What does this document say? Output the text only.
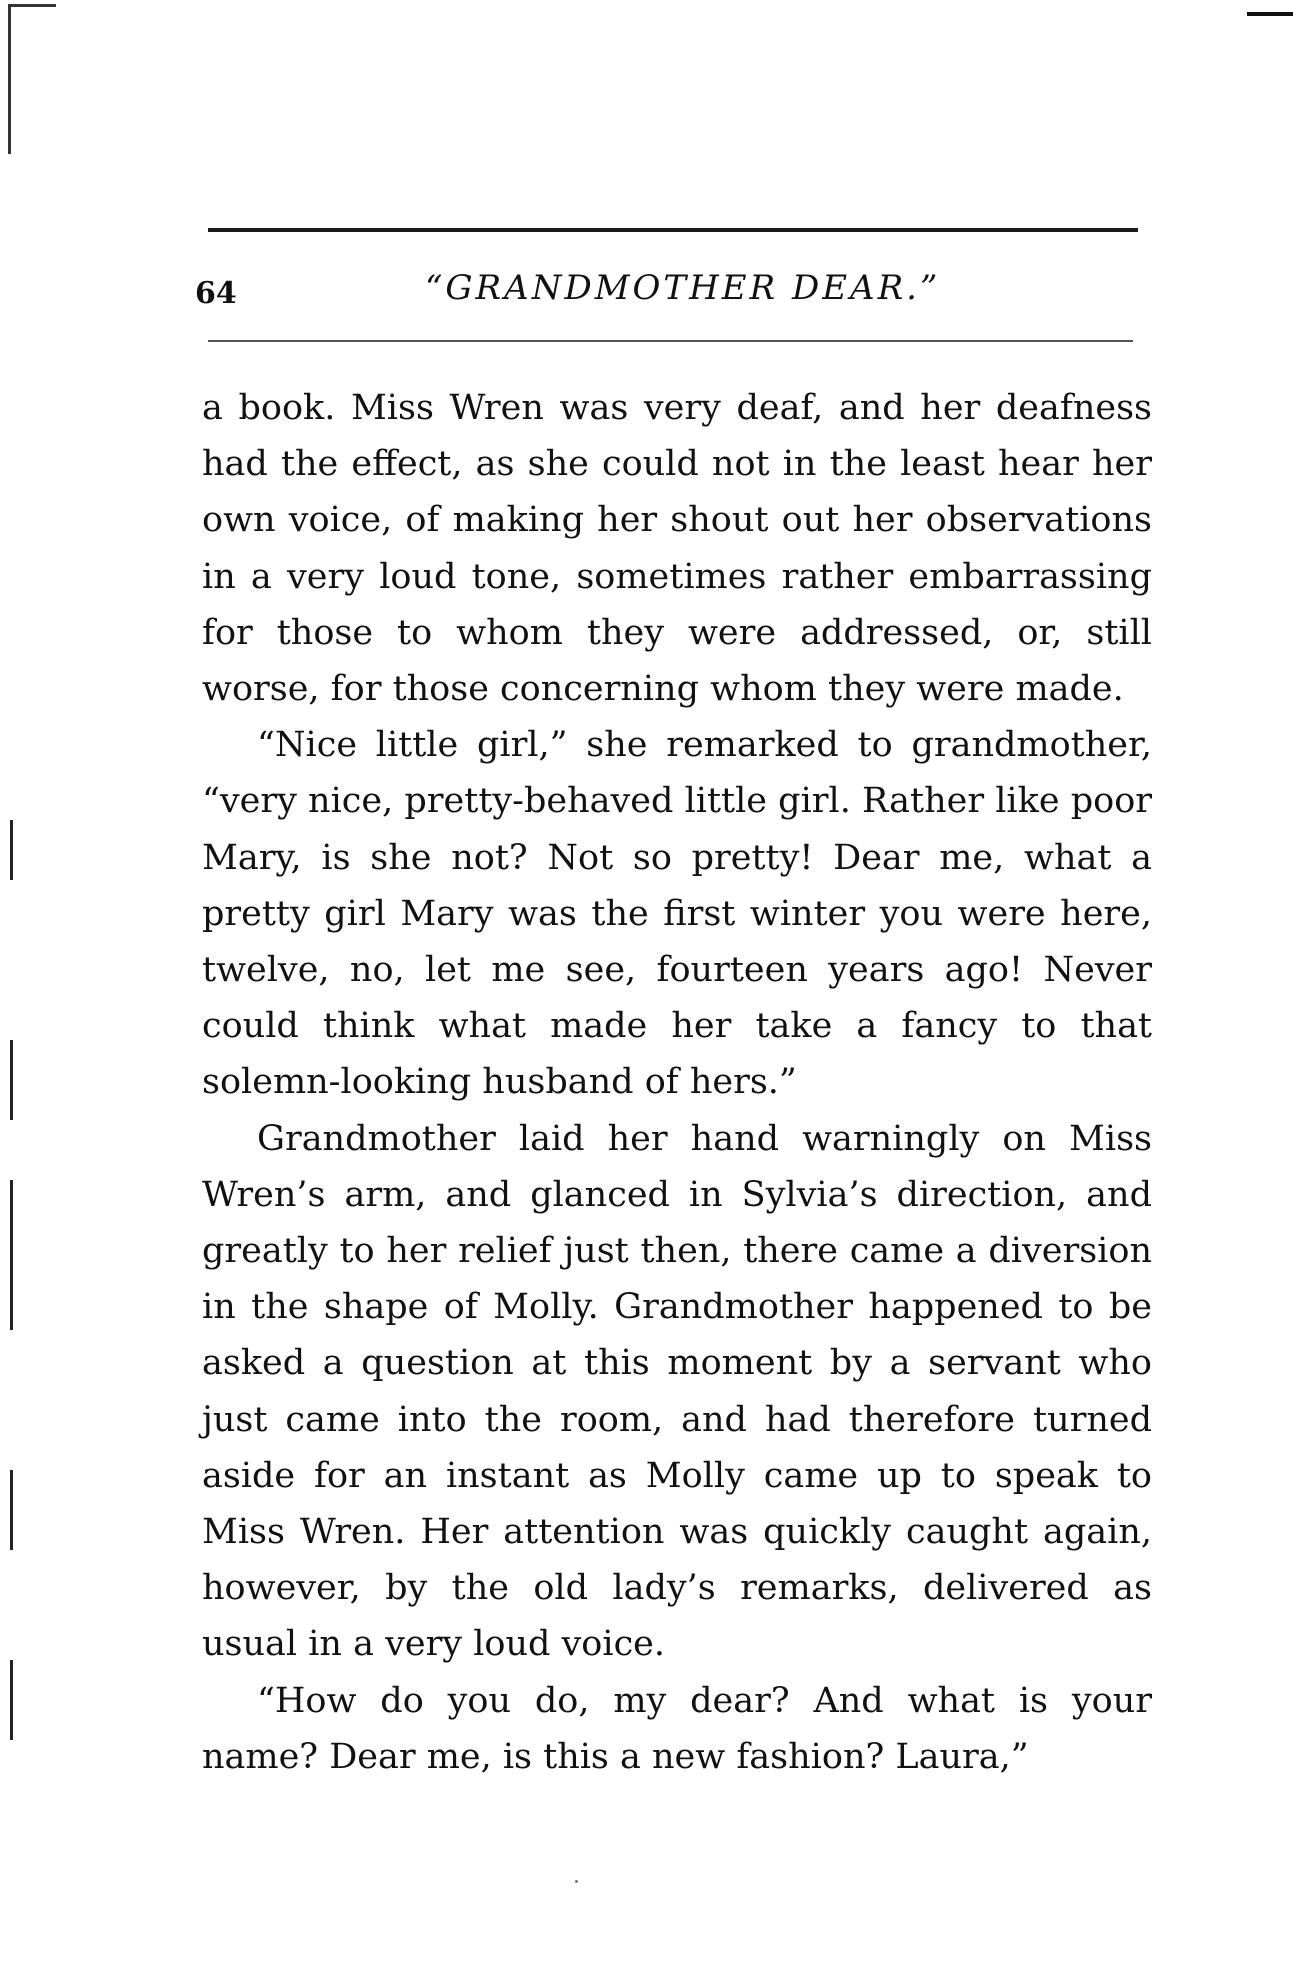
64	“GRANDMOTHER DEAR.”

a book. Miss Wren was very deaf, and her deafness had the effect, as she could not in the least hear her own voice, of making her shout out her observations in a very loud tone, sometimes rather embarrassing for those to whom they were addressed, or, still worse, for those concerning whom they were made.

“Nice little girl,” she remarked to grandmother, “very nice, pretty-behaved little girl. Rather like poor Mary, is she not? Not so pretty! Dear me, what a pretty girl Mary was the first winter you were here, twelve, no, let me see, fourteen years ago! Never could think what made her take a fancy to that solemn-looking husband of hers.”

Grandmother laid her hand warningly on Miss Wren’s arm, and glanced in Sylvia’s direction, and greatly to her relief just then, there came a diversion in the shape of Molly. Grandmother happened to be asked a question at this moment by a servant who just came into the room, and had therefore turned aside for an instant as Molly came up to speak to Miss Wren. Her attention was quickly caught again, however, by the old lady’s remarks, delivered as usual in a very loud voice.

“How do you do, my dear? And what is your name? Dear me, is this a new fashion? Laura,”
